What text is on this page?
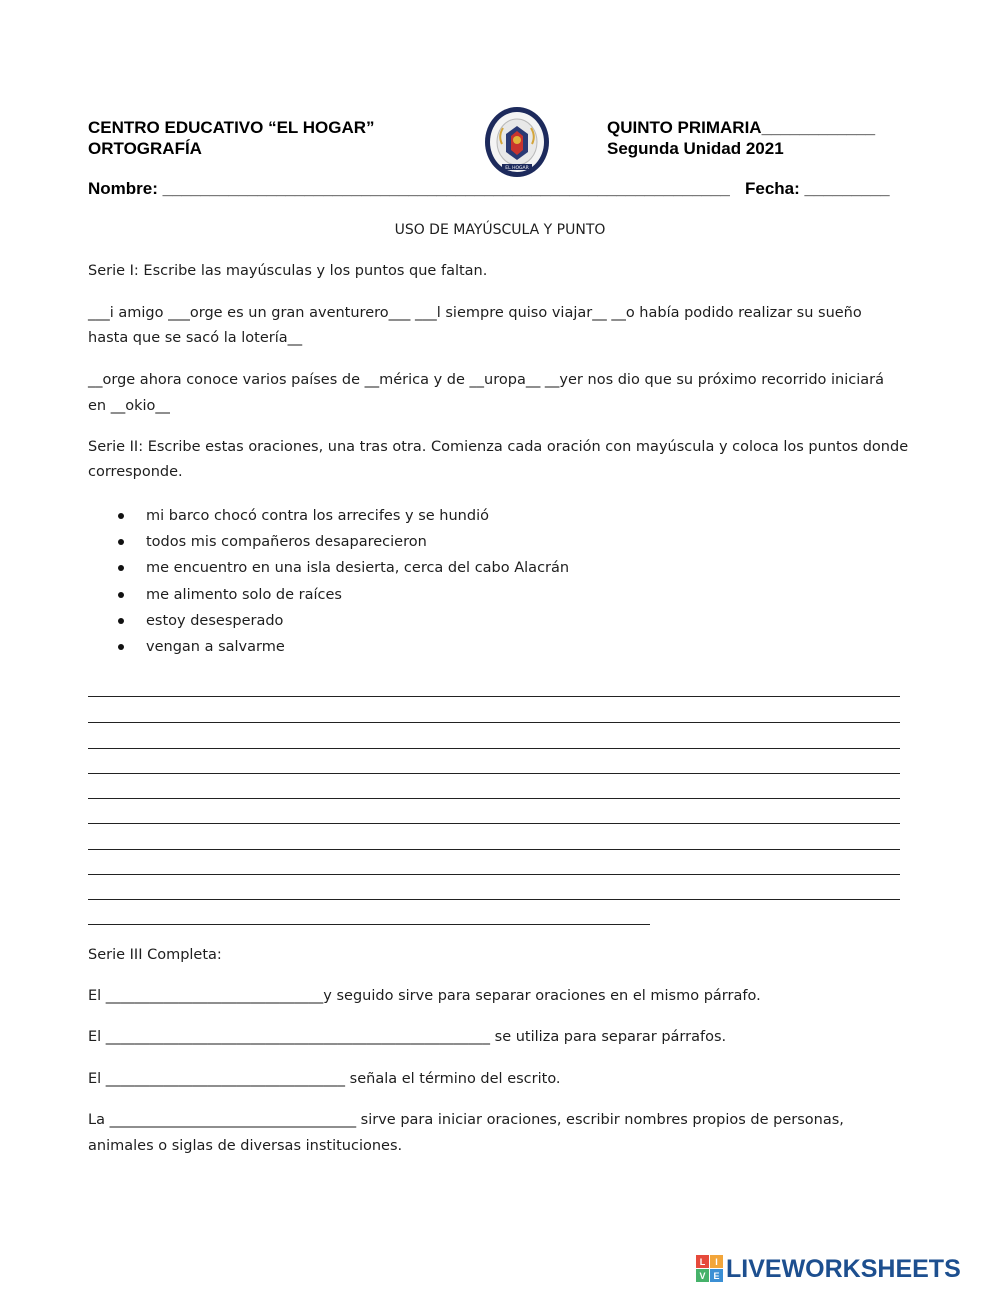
CENTRO EDUCATIVO “EL HOGAR”
ORTOGRAFÍA
QUINTO PRIMARIA____________
Segunda Unidad 2021
EL HOGAR
Nombre: ____________________________________________________________ Fecha: _________
USO DE MAYÚSCULA Y PUNTO
Serie I: Escribe las mayúsculas y los puntos que faltan.
___i amigo ___orge es un gran aventurero___ ___l siempre quiso viajar__ __o había podido realizar su sueño
hasta que se sacó la lotería__
__orge ahora conoce varios países de __mérica y de __uropa__ __yer nos dio que su próximo recorrido iniciará
en __okio__
Serie II: Escribe estas oraciones, una tras otra. Comienza cada oración con mayúscula y coloca los puntos donde
corresponde.
mi barco chocó contra los arrecifes y se hundió
todos mis compañeros desaparecieron
me encuentro en una isla desierta, cerca del cabo Alacrán
me alimento solo de raíces
estoy desesperado
vengan a salvarme
Serie III Completa:
El ______________________________y seguido sirve para separar oraciones en el mismo párrafo.
El _____________________________________________________ se utiliza para separar párrafos.
El _________________________________ señala el término del escrito.
La __________________________________ sirve para iniciar oraciones, escribir nombres propios de personas,
animales o siglas de diversas instituciones.
L I
V E LIVEWORKSHEETS
